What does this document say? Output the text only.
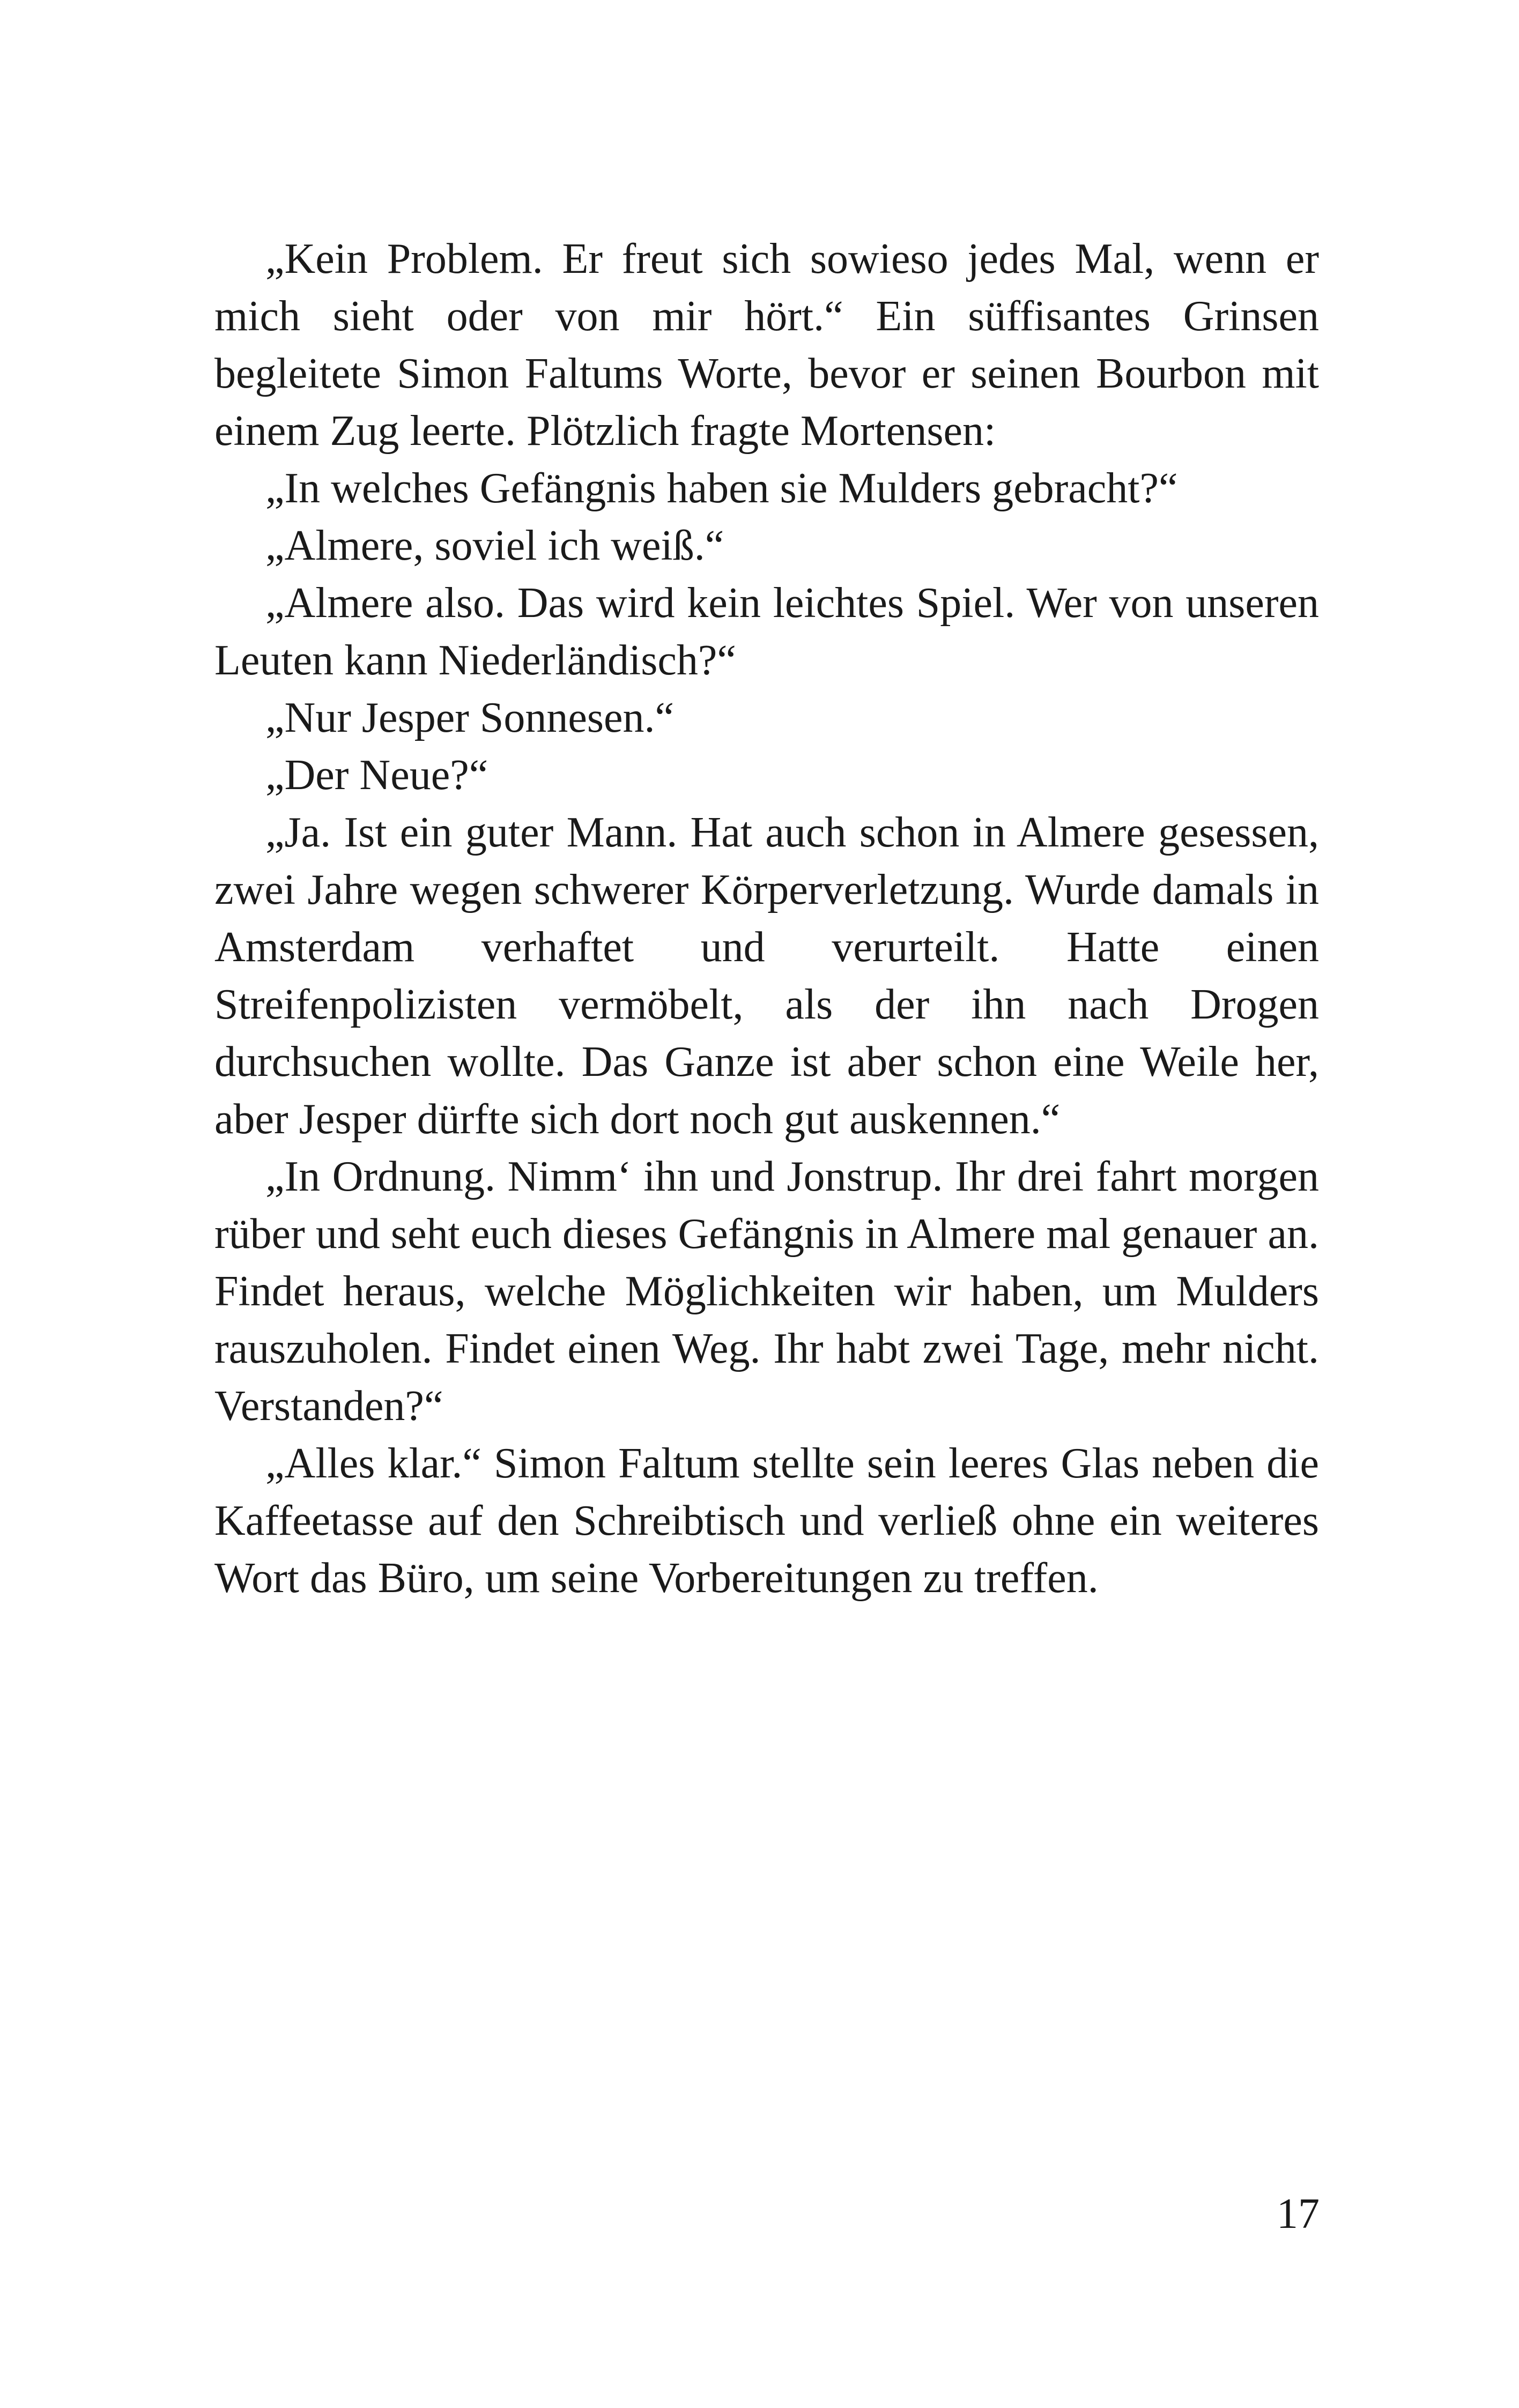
„Kein Problem. Er freut sich sowieso jedes Mal, wenn er mich sieht oder von mir hört.“ Ein süffisantes Grinsen begleitete Simon Faltums Worte, bevor er seinen Bourbon mit einem Zug leerte. Plötzlich fragte Mortensen:

„In welches Gefängnis haben sie Mulders gebracht?“

„Almere, soviel ich weiß.“

„Almere also. Das wird kein leichtes Spiel. Wer von unseren Leuten kann Niederländisch?“

„Nur Jesper Sonnesen.“

„Der Neue?“

„Ja. Ist ein guter Mann. Hat auch schon in Almere gesessen, zwei Jahre wegen schwerer Körperverletzung. Wurde damals in Amsterdam verhaftet und verurteilt. Hatte einen Streifenpolizisten vermöbelt, als der ihn nach Drogen durchsuchen wollte. Das Ganze ist aber schon eine Weile her, aber Jesper dürfte sich dort noch gut auskennen.“

„In Ordnung. Nimm‘ ihn und Jonstrup. Ihr drei fahrt morgen rüber und seht euch dieses Gefängnis in Almere mal genauer an. Findet heraus, welche Möglichkeiten wir haben, um Mulders rauszuholen. Findet einen Weg. Ihr habt zwei Tage, mehr nicht. Verstanden?“

„Alles klar.“ Simon Faltum stellte sein leeres Glas neben die Kaffeetasse auf den Schreibtisch und verließ ohne ein weiteres Wort das Büro, um seine Vorbereitungen zu treffen.

17
